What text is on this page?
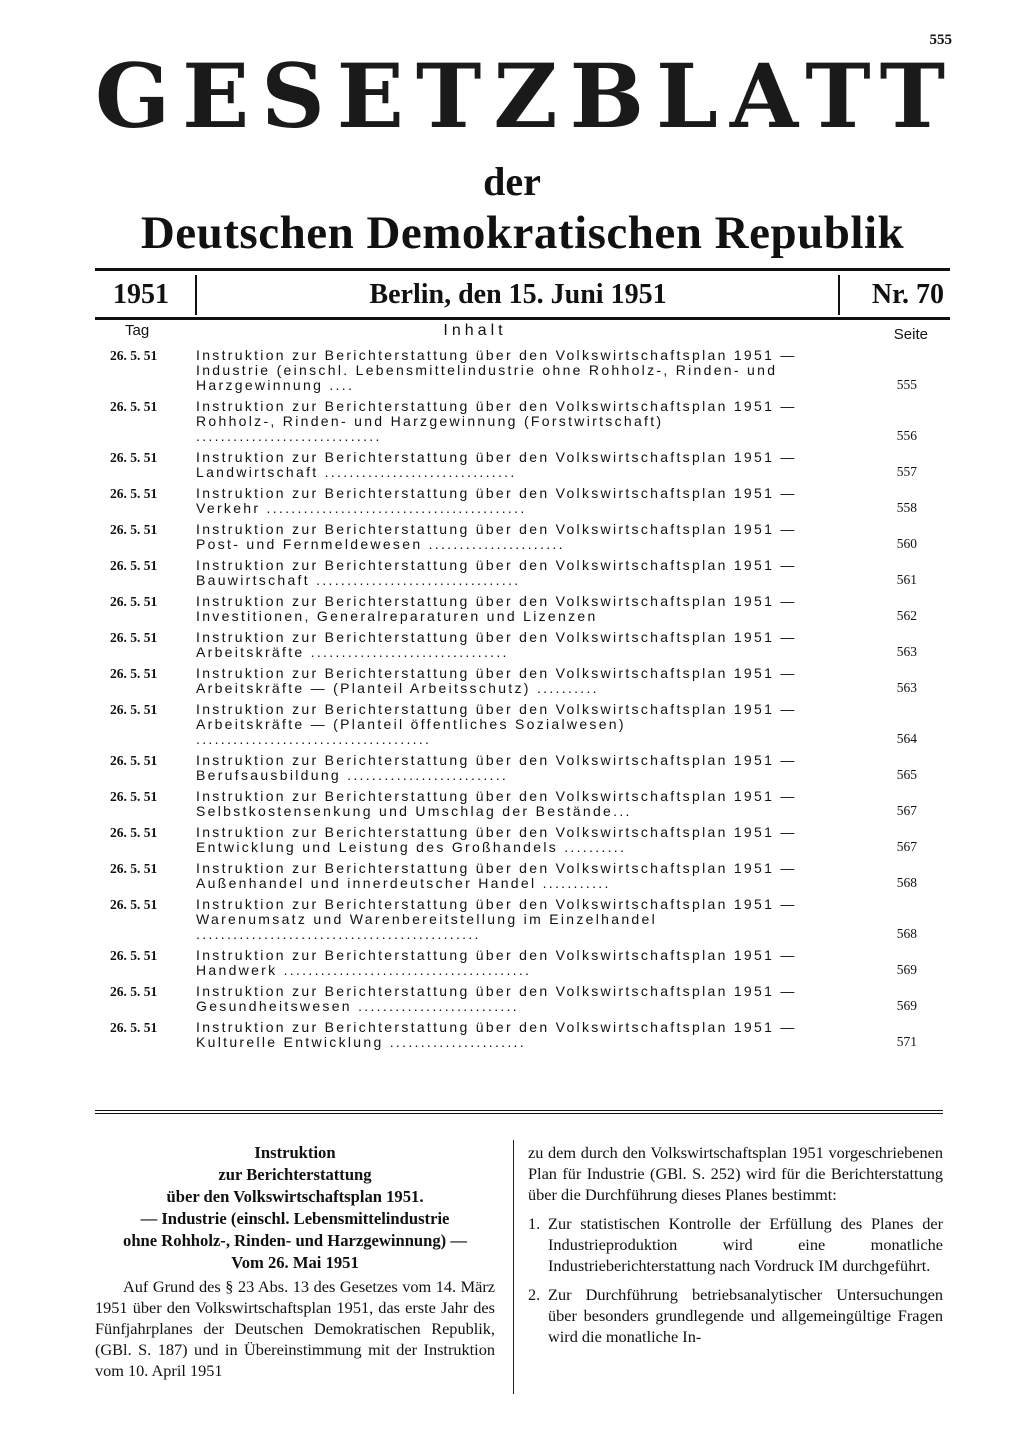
555
GESETZBLATT
der
Deutschen Demokratischen Republik
1951	Berlin, den 15. Juni 1951	Nr. 70
Tag	Inhalt	Seite
26. 5. 51	Instruktion zur Berichterstattung über den Volkswirtschaftsplan 1951 — Industrie (einschl. Lebensmittelindustrie ohne Rohholz-, Rinden- und Harzgewinnung ....	555
26. 5. 51	Instruktion zur Berichterstattung über den Volkswirtschaftsplan 1951 — Rohholz-, Rinden- und Harzgewinnung (Forstwirtschaft) ..............................	556
26. 5. 51	Instruktion zur Berichterstattung über den Volkswirtschaftsplan 1951 — Landwirtschaft ...............................	557
26. 5. 51	Instruktion zur Berichterstattung über den Volkswirtschaftsplan 1951 — Verkehr ..........................................	558
26. 5. 51	Instruktion zur Berichterstattung über den Volkswirtschaftsplan 1951 — Post- und Fernmeldewesen ......................	560
26. 5. 51	Instruktion zur Berichterstattung über den Volkswirtschaftsplan 1951 — Bauwirtschaft .................................	561
26. 5. 51	Instruktion zur Berichterstattung über den Volkswirtschaftsplan 1951 — Investitionen, Generalreparaturen und Lizenzen	562
26. 5. 51	Instruktion zur Berichterstattung über den Volkswirtschaftsplan 1951 — Arbeitskräfte ................................	563
26. 5. 51	Instruktion zur Berichterstattung über den Volkswirtschaftsplan 1951 — Arbeitskräfte — (Planteil Arbeitsschutz) ..........	563
26. 5. 51	Instruktion zur Berichterstattung über den Volkswirtschaftsplan 1951 — Arbeitskräfte — (Planteil öffentliches Sozialwesen) ......................................	564
26. 5. 51	Instruktion zur Berichterstattung über den Volkswirtschaftsplan 1951 — Berufsausbildung ..........................	565
26. 5. 51	Instruktion zur Berichterstattung über den Volkswirtschaftsplan 1951 — Selbstkostensenkung und Umschlag der Bestände...	567
26. 5. 51	Instruktion zur Berichterstattung über den Volkswirtschaftsplan 1951 — Entwicklung und Leistung des Großhandels ..........	567
26. 5. 51	Instruktion zur Berichterstattung über den Volkswirtschaftsplan 1951 — Außenhandel und innerdeutscher Handel ...........	568
26. 5. 51	Instruktion zur Berichterstattung über den Volkswirtschaftsplan 1951 — Warenumsatz und Warenbereitstellung im Einzelhandel ..............................................	568
26. 5. 51	Instruktion zur Berichterstattung über den Volkswirtschaftsplan 1951 — Handwerk ........................................	569
26. 5. 51	Instruktion zur Berichterstattung über den Volkswirtschaftsplan 1951 — Gesundheitswesen ..........................	569
26. 5. 51	Instruktion zur Berichterstattung über den Volkswirtschaftsplan 1951 — Kulturelle Entwicklung ......................	571
Instruktion
zur Berichterstattung
über den Volkswirtschaftsplan 1951.
— Industrie (einschl. Lebensmittelindustrie
ohne Rohholz-, Rinden- und Harzgewinnung) —
Vom 26. Mai 1951
Auf Grund des § 23 Abs. 13 des Gesetzes vom 14. März 1951 über den Volkswirtschaftsplan 1951, das erste Jahr des Fünfjahrplanes der Deutschen Demokratischen Republik, (GBl. S. 187) und in Übereinstimmung mit der Instruktion vom 10. April 1951
zu dem durch den Volkswirtschaftsplan 1951 vorgeschriebenen Plan für Industrie (GBl. S. 252) wird für die Berichterstattung über die Durchführung dieses Planes bestimmt:
1. Zur statistischen Kontrolle der Erfüllung des Planes der Industrieproduktion wird eine monatliche Industrieberichterstattung nach Vordruck IM durchgeführt.
2. Zur Durchführung betriebsanalytischer Untersuchungen über besonders grundlegende und allgemeingültige Fragen wird die monatliche In-
